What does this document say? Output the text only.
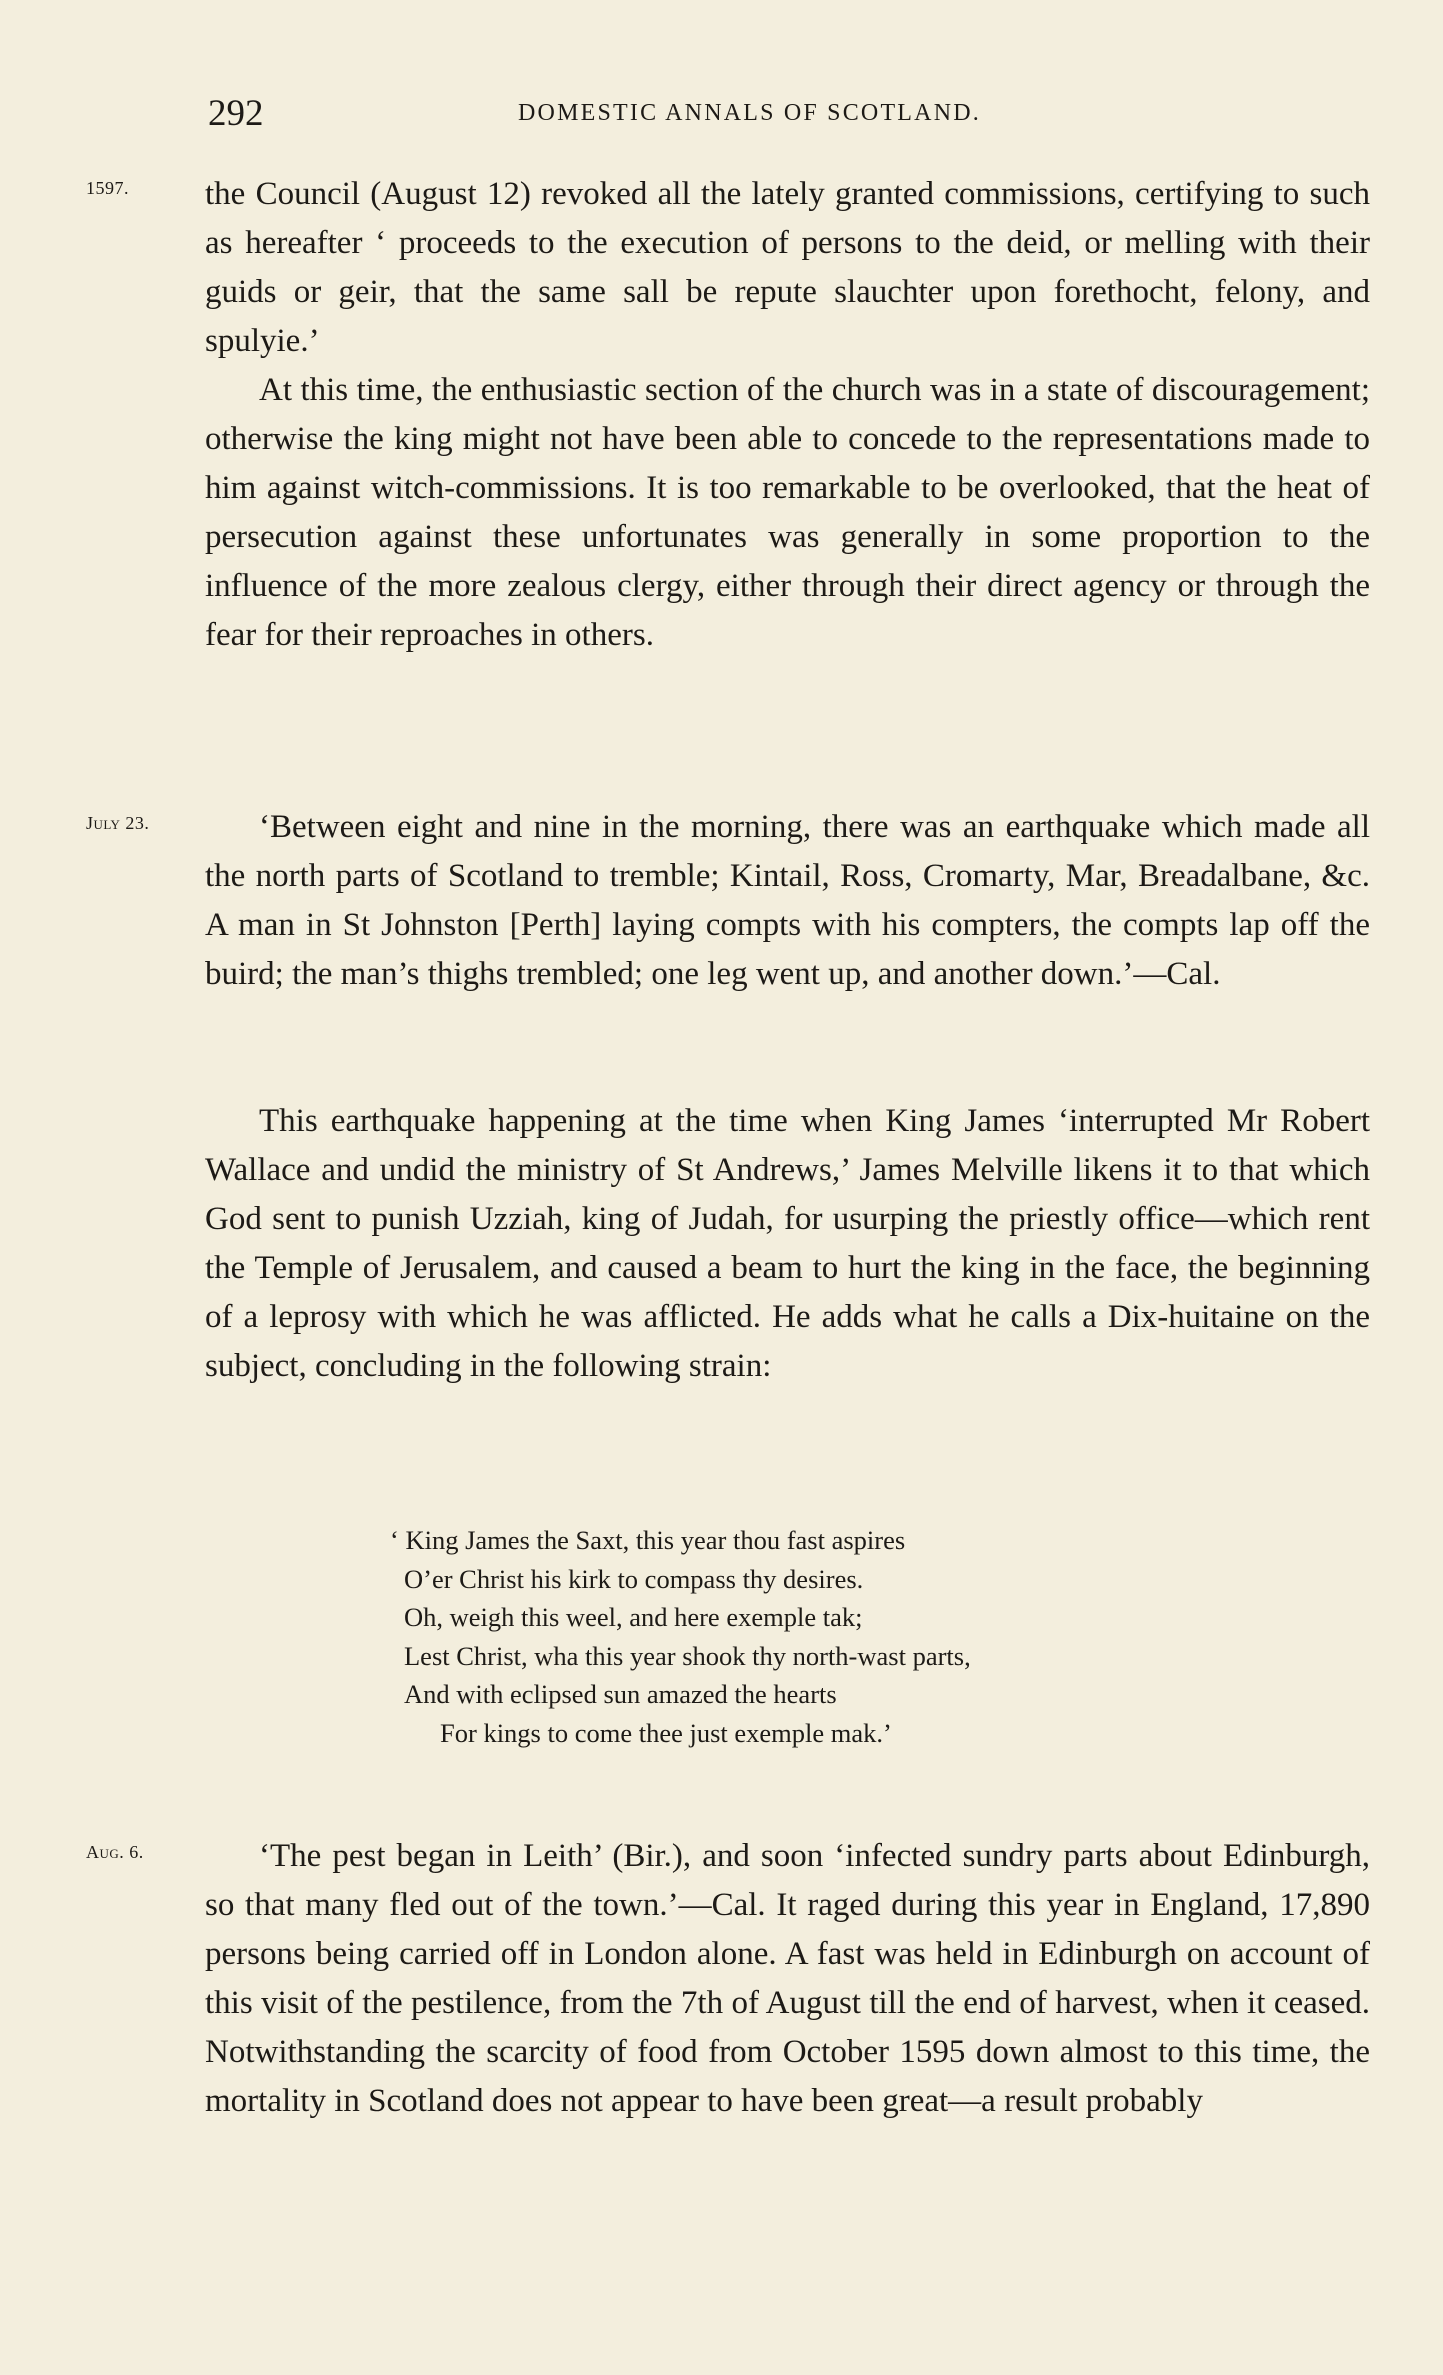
292	DOMESTIC ANNALS OF SCOTLAND.
1597. the Council (August 12) revoked all the lately granted commissions, certifying to such as hereafter ‘ proceeds to the execution of persons to the deid, or melling with their guids or geir, that the same sall be repute slauchter upon forethocht, felony, and spulyie.’

At this time, the enthusiastic section of the church was in a state of discouragement; otherwise the king might not have been able to concede to the representations made to him against witch-commissions. It is too remarkable to be overlooked, that the heat of persecution against these unfortunates was generally in some proportion to the influence of the more zealous clergy, either through their direct agency or through the fear for their reproaches in others.

July 23.	‘Between eight and nine in the morning, there was an earthquake which made all the north parts of Scotland to tremble; Kintail, Ross, Cromarty, Mar, Breadalbane, &c. A man in St Johnston [Perth] laying compts with his compters, the compts lap off the buird; the man’s thighs trembled; one leg went up, and another down.’—Cal.

This earthquake happening at the time when King James ‘interrupted Mr Robert Wallace and undid the ministry of St Andrews,’ James Melville likens it to that which God sent to punish Uzziah, king of Judah, for usurping the priestly office—which rent the Temple of Jerusalem, and caused a beam to hurt the king in the face, the beginning of a leprosy with which he was afflicted. He adds what he calls a Dix-huitaine on the subject, concluding in the following strain:

‘ King James the Saxt, this year thou fast aspires
O’er Christ his kirk to compass thy desires.
Oh, weigh this weel, and here exemple tak;
Lest Christ, wha this year shook thy north-wast parts,
And with eclipsed sun amazed the hearts
For kings to come thee just exemple mak.’
Aug. 6.	‘The pest began in Leith’ (Bir.), and soon ‘infected sundry parts about Edinburgh, so that many fled out of the town.’—Cal. It raged during this year in England, 17,890 persons being carried off in London alone. A fast was held in Edinburgh on account of this visit of the pestilence, from the 7th of August till the end of harvest, when it ceased. Notwithstanding the scarcity of food from October 1595 down almost to this time, the mortality in Scotland does not appear to have been great—a result probably
